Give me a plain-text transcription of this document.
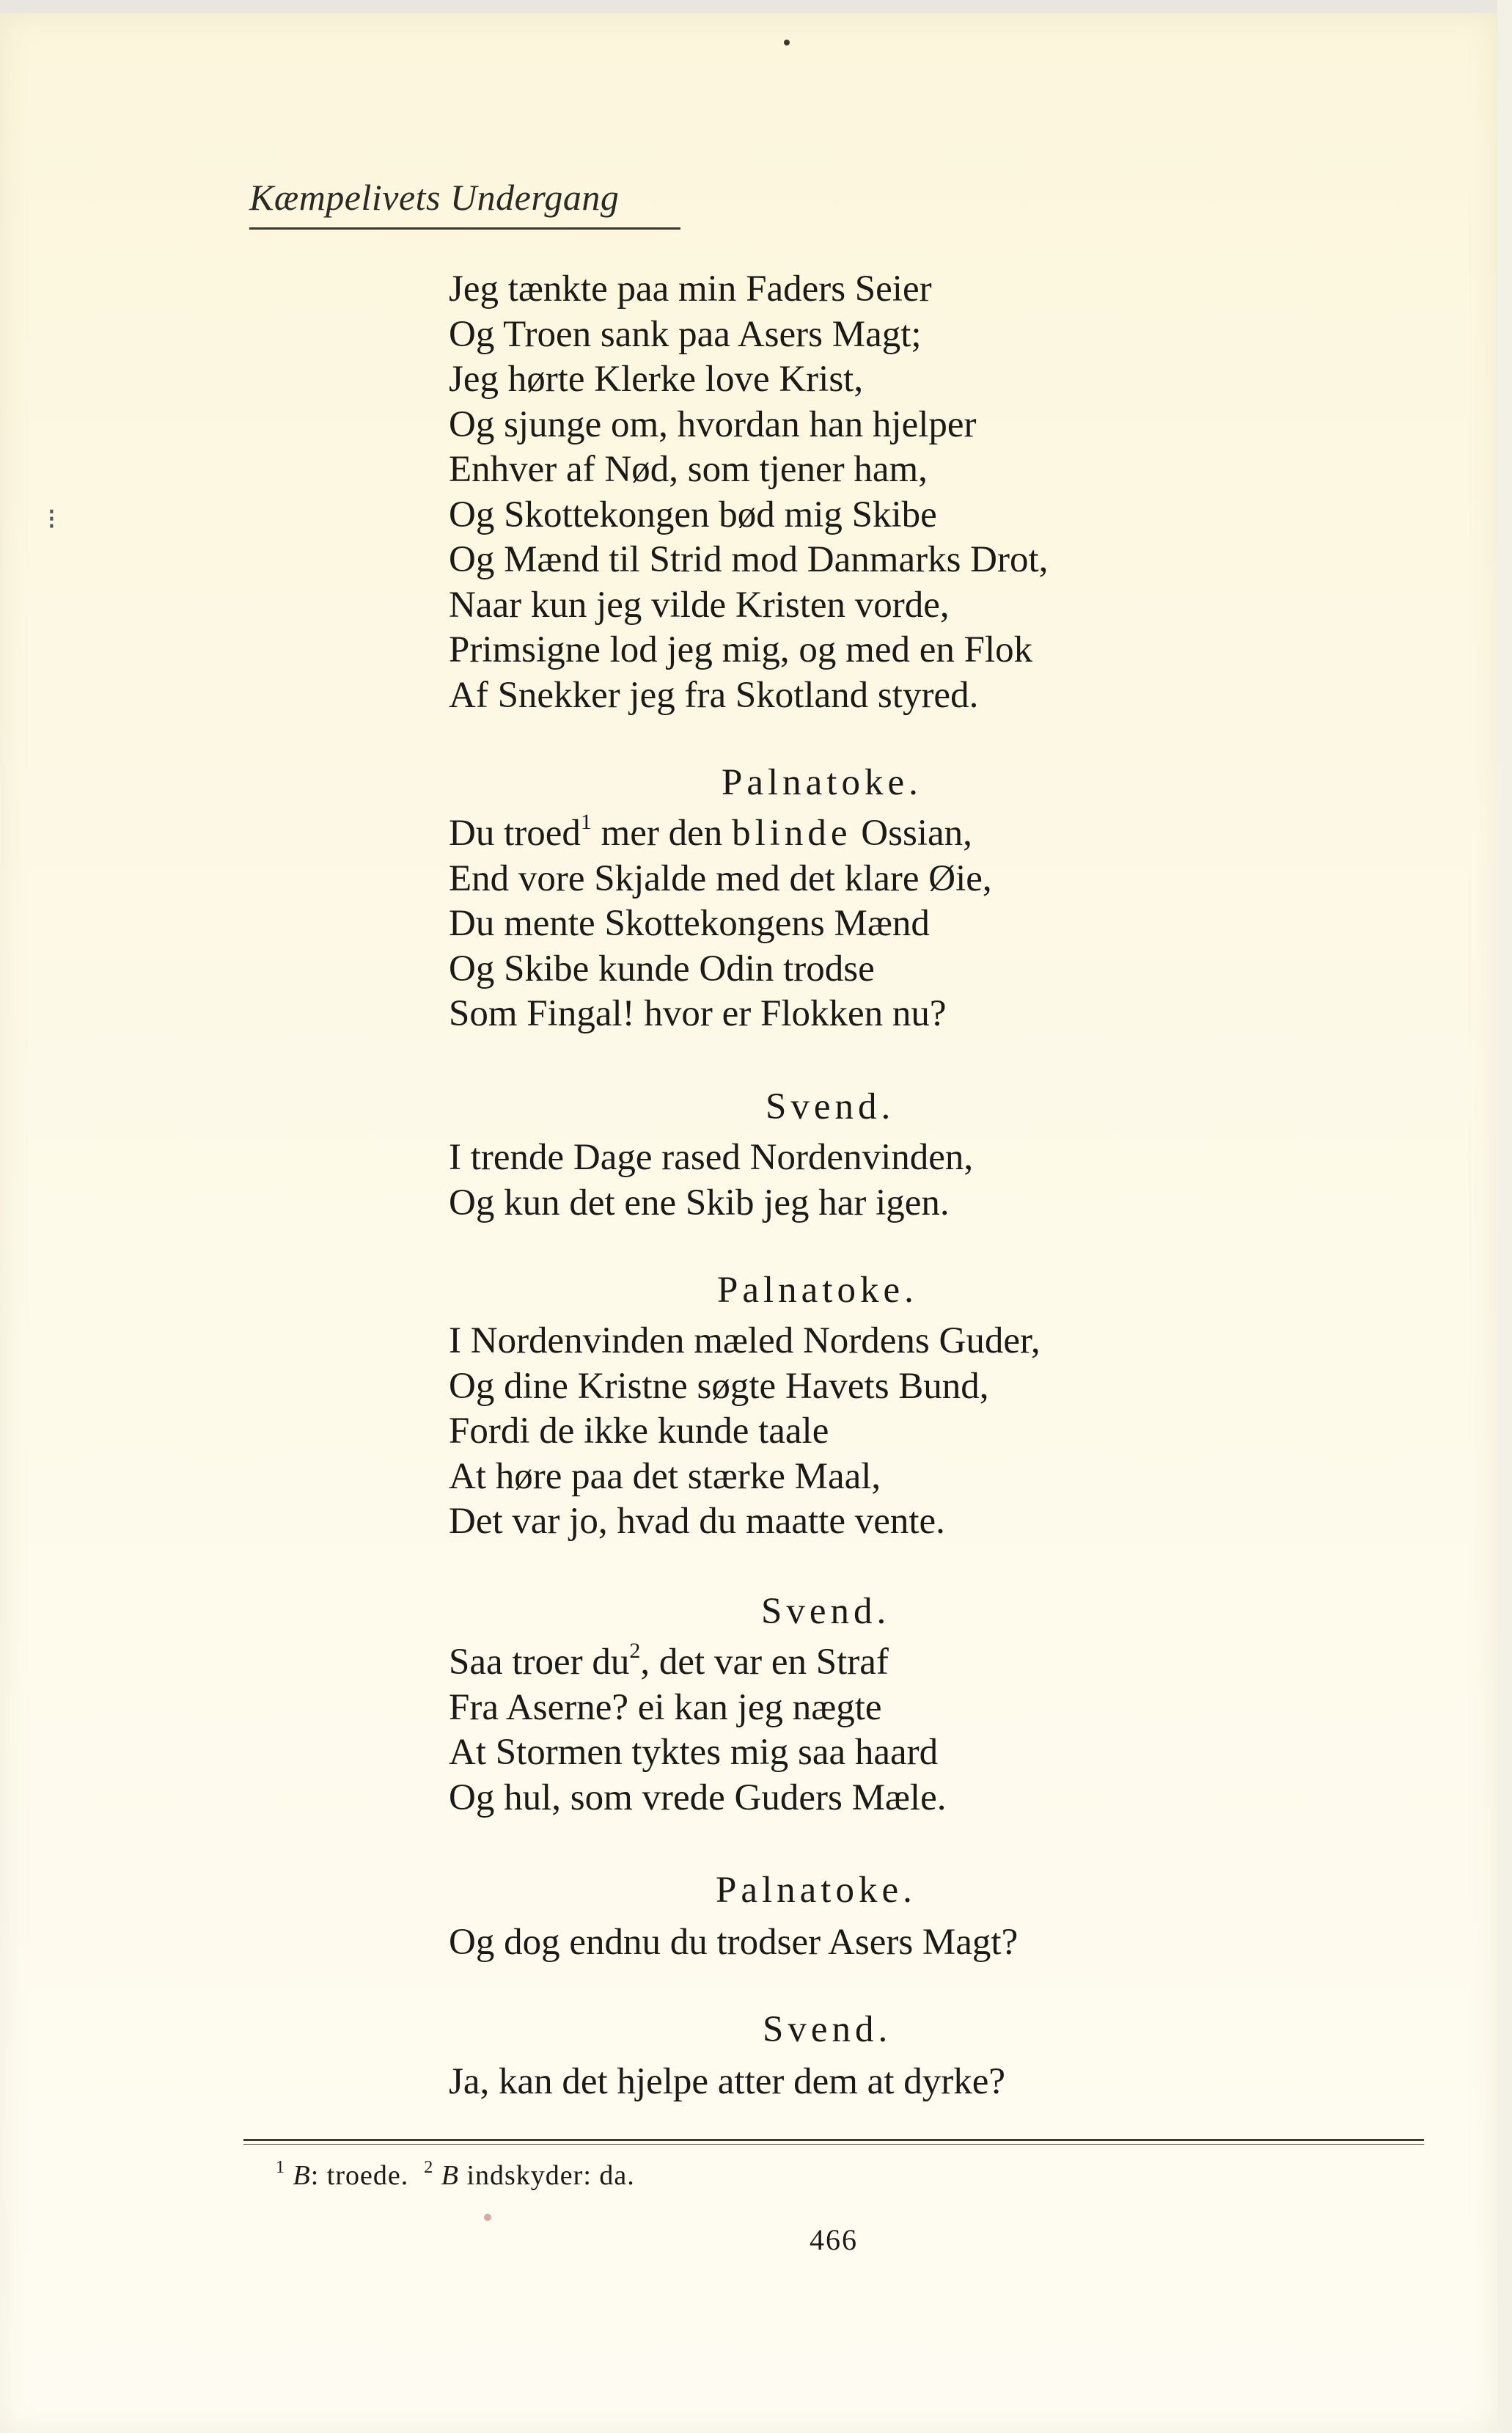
⁝
Kæmpelivets Undergang
Jeg tænkte paa min Faders Seier
Og Troen sank paa Asers Magt;
Jeg hørte Klerke love Krist,
Og sjunge om, hvordan han hjelper
Enhver af Nød, som tjener ham,
Og Skottekongen bød mig Skibe
Og Mænd til Strid mod Danmarks Drot,
Naar kun jeg vilde Kristen vorde,
Primsigne lod jeg mig, og med en Flok
Af Snekker jeg fra Skotland styred.
Palnatoke.
Du troed$^1$ mer den blinde Ossian,
End vore Skjalde med det klare Øie,
Du mente Skottekongens Mænd
Og Skibe kunde Odin trodse
Som Fingal! hvor er Flokken nu?
Svend.
I trende Dage rased Nordenvinden,
Og kun det ene Skib jeg har igen.
Palnatoke.
I Nordenvinden mæled Nordens Guder,
Og dine Kristne søgte Havets Bund,
Fordi de ikke kunde taale
At høre paa det stærke Maal,
Det var jo, hvad du maatte vente.
Svend.
Saa troer du$^2$, det var en Straf
Fra Aserne? ei kan jeg nægte
At Stormen tyktes mig saa haard
Og hul, som vrede Guders Mæle.
Palnatoke.
Og dog endnu du trodser Asers Magt?
Svend.
Ja, kan det hjelpe atter dem at dyrke?
$^1$ B: troede. $^2$ B indskyder: da.
466
